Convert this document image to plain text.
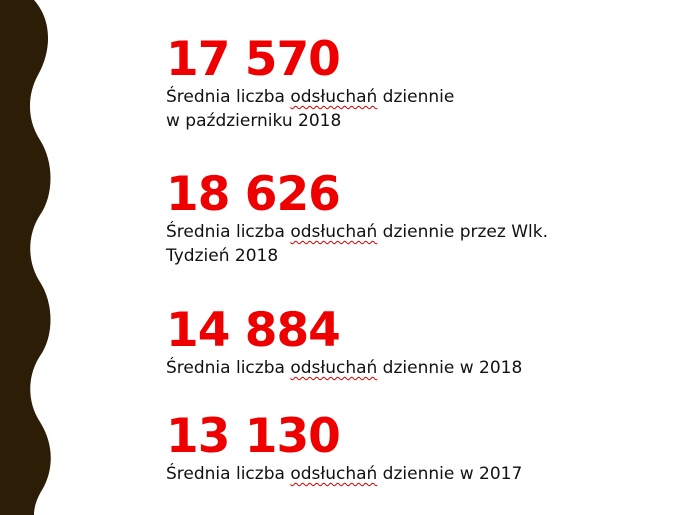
17 570
Średnia liczba odsłuchań dziennie
w październiku 2018
18 626
Średnia liczba odsłuchań dziennie przez Wlk.
Tydzień 2018
14 884
Średnia liczba odsłuchań dziennie w 2018
13 130
Średnia liczba odsłuchań dziennie w 2017
